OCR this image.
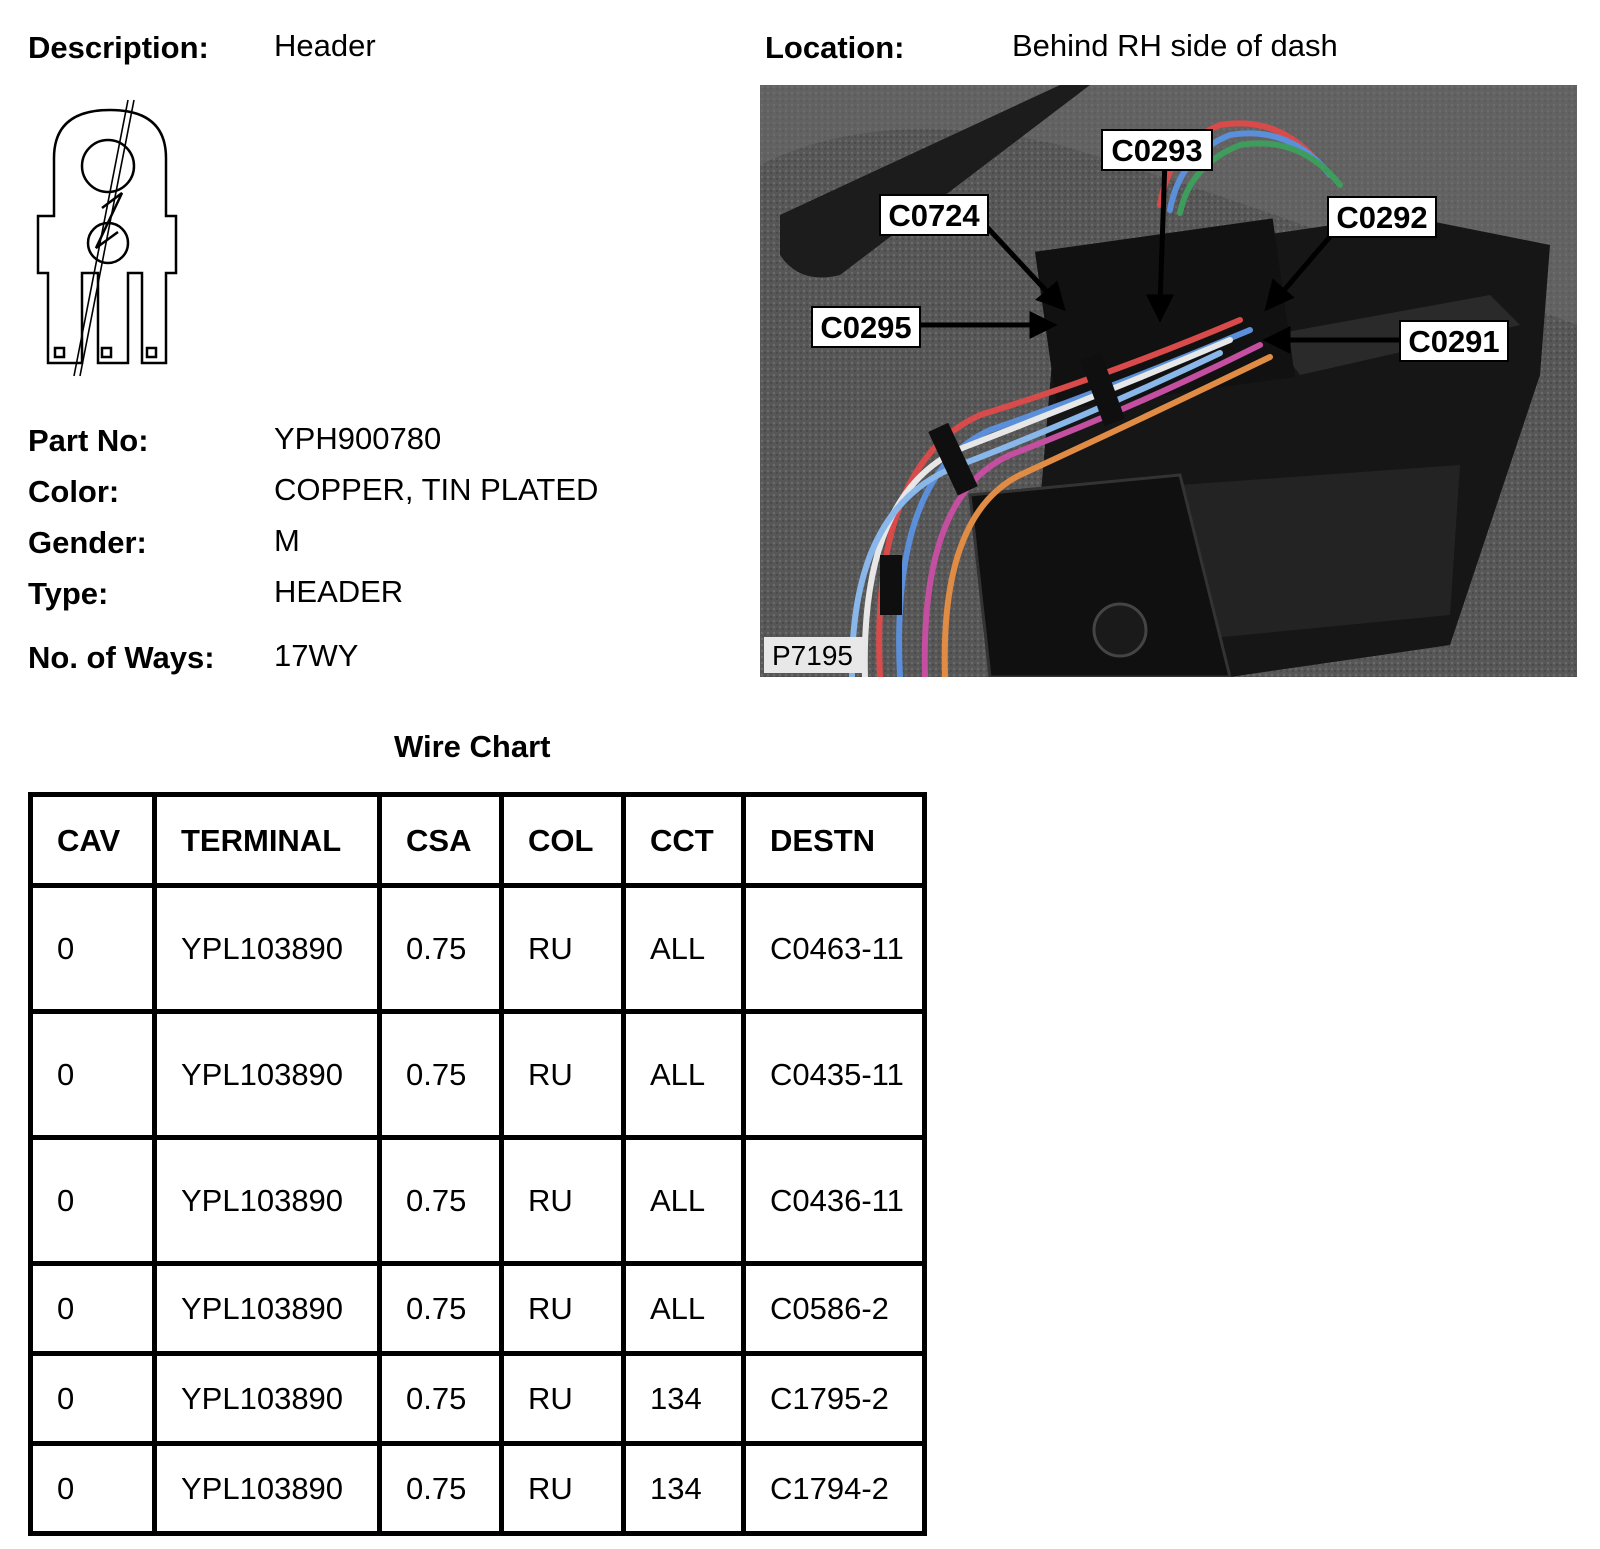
Description: Header	Location:	Behind RH side of dash
Part No:	YPH900780
Color:	COPPER, TIN PLATED
Gender:	M
Type:	HEADER
No. of Ways: 17WY
C0293
C0724	C0292
C0295	C0291
P7195
Wire Chart
CAV	TERMINAL	CSA	COL	CCT	DESTN
0	YPL103890	0.75	RU	ALL	C0463-11
0	YPL103890	0.75	RU	ALL	C0435-11
0	YPL103890	0.75	RU	ALL	C0436-11
0	YPL103890	0.75	RU	ALL	C0586-2
0	YPL103890	0.75	RU	134	C1795-2
0	YPL103890	0.75	RU	134	C1794-2
